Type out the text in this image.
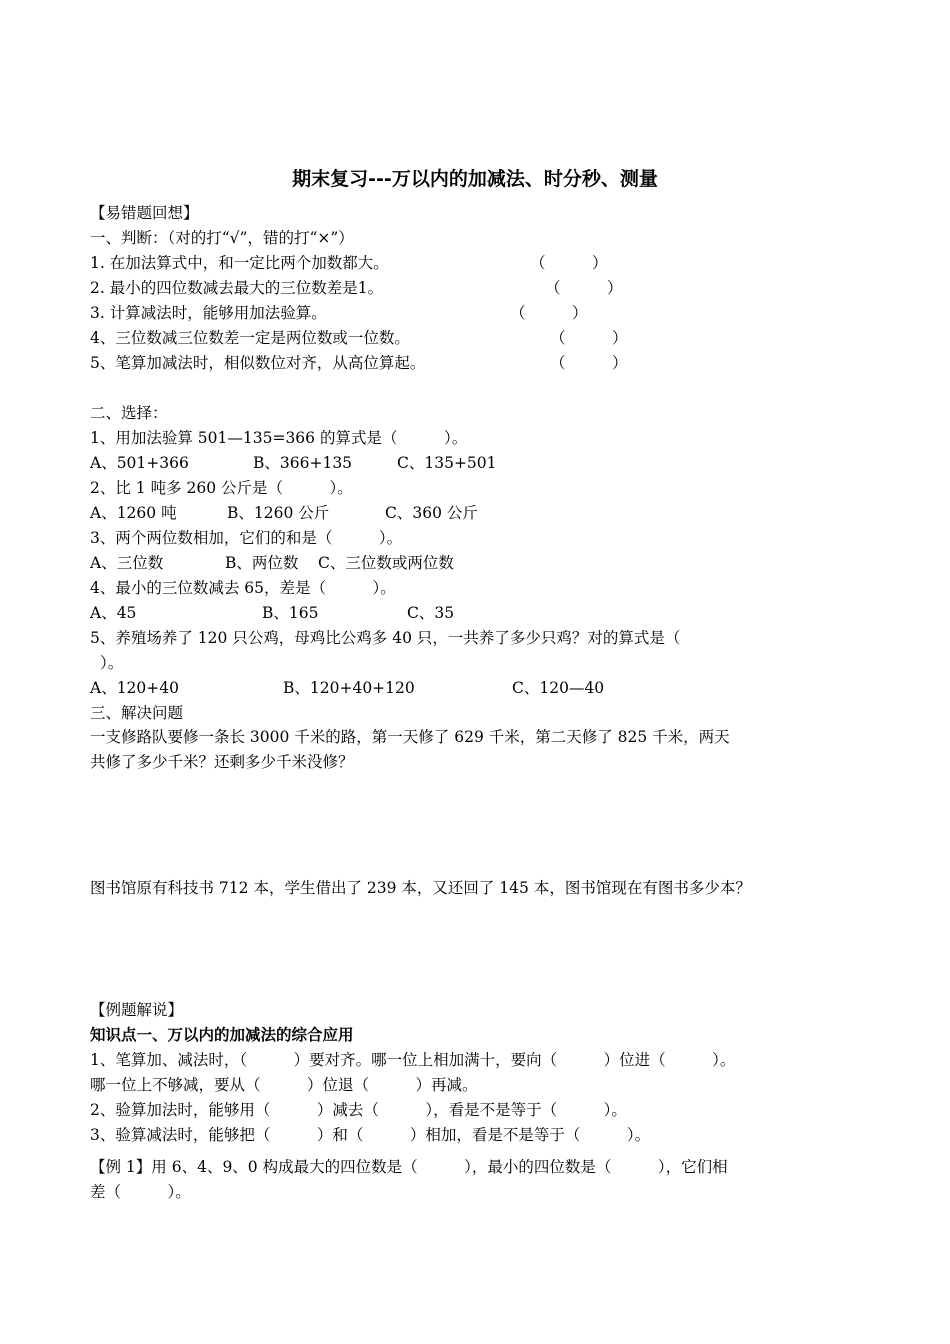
期末复习---万以内的加减法、时分秒、测量
【易错题回想】
一、判断：（对的打“√”，错的打“×”）
1. 在加法算式中，和一定比两个加数都大。	（　　　）
2. 最小的四位数减去最大的三位数差是1。	（　　　）
3. 计算减法时，能够用加法验算。	（　　　）
4、三位数减三位数差一定是两位数或一位数。	（　　　）
5、笔算加减法时，相似数位对齐，从高位算起。	（　　　）
二、选择：
1、用加法验算 501—135=366 的算式是（　　　）。
A、501+366	B、366+135	C、135+501
2、比 1 吨多 260 公斤是（　　　）。
A、1260 吨	B、1260 公斤	C、360 公斤
3、两个两位数相加，它们的和是（　　　）。
A、三位数	B、两位数 C、三位数或两位数
4、最小的三位数减去 65，差是（　　　）。
A、45	B、165	C、35
5、养殖场养了 120 只公鸡，母鸡比公鸡多 40 只，一共养了多少只鸡？对的算式是（
）。
A、120+40	B、120+40+120	C、120—40
三、解决问题
一支修路队要修一条长 3000 千米的路，第一天修了 629 千米，第二天修了 825 千米，两天
共修了多少千米？还剩多少千米没修？
图书馆原有科技书 712 本，学生借出了 239 本，又还回了 145 本，图书馆现在有图书多少本？
【例题解说】
知识点一、万以内的加减法的综合应用
1、笔算加、减法时，（　　　）要对齐。哪一位上相加满十，要向（　　　）位进（　　　）。
哪一位上不够减，要从（　　　）位退（　　　）再减。
2、验算加法时，能够用（　　　）减去（　　　），看是不是等于（　　　）。
3、验算减法时，能够把（　　　）和（　　　）相加，看是不是等于（　　　）。
【例 1】用 6、4、9、0 构成最大的四位数是（　　　），最小的四位数是（　　　），它们相
差（　　　）。
